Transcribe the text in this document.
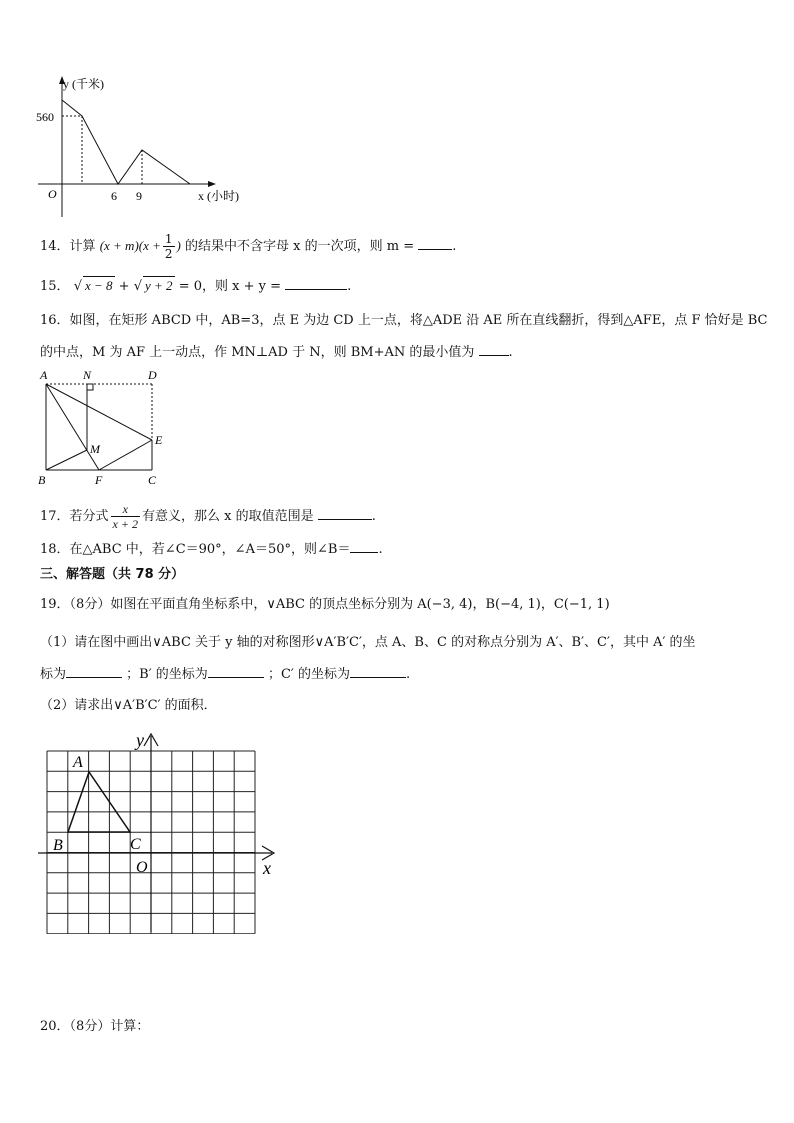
y (千米)
560
O	6 9	x (小时)
14．计算 $(x + m)(x + \frac{1}{2}$ ) 的结果中不含字母 x 的一次项，则 m =	.
15． √ x − 8 + √ y + 2 = 0，则 x + y =	.
16．如图，在矩形 ABCD 中，AB=3，点 E 为边 CD 上一点，将△ADE 沿 AE 所在直线翻折，得到△AFE，点 F 恰好是 BC
的中点，M 为 AF 上一动点，作 MN⊥AD 于 N，则 BM+AN 的最小值为	.
A	N	D
E
M
B	F	C
17．若分式 $\frac{x}{x + 2}$ 有意义，那么 x 的取值范围是	.
18．在△ABC 中，若∠C＝90°，∠A＝50°，则∠B＝ .
三、解答题（共 78 分）
19．（8分）如图在平面直角坐标系中，∨ABC 的顶点坐标分别为 A(−3, 4)，B(−4, 1)，C(−1, 1)
（1）请在图中画出∨ABC 关于 y 轴的对称图形∨A′B′C′，点 A、B、C 的对称点分别为 A′、B′、C′，其中 A′ 的坐
标为	；B′ 的坐标为	；C′ 的坐标为	.
（2）请求出∨A′B′C′ 的面积．
y
x
A
B	C
O
20．（8分）计算：
